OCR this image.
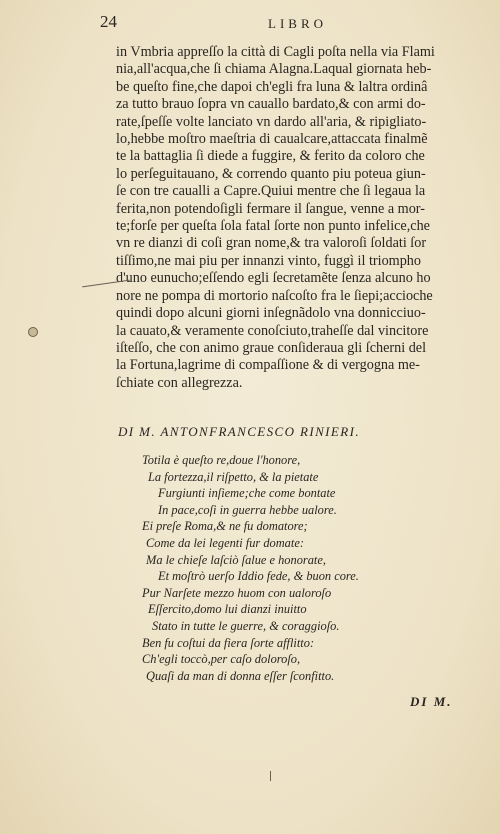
24	LIBRO
in Vmbria appreſſo la città di Cagli poſta nella via Flami
nia,all'acqua,che ſi chiama Alagna.Laqual giornata heb-
be queſto fine,che dapoi ch'egli fra luna & laltra ordinâ
za tutto brauo ſopra vn cauallo bardato,& con armi do-
rate,ſpeſſe volte lanciato vn dardo all'aria, & ripigliato-
lo,hebbe moſtro maeſtria di caualcare,attaccata finalmẽ
te la battaglia ſi diede a fuggire, & ferito da coloro che
lo perſeguitauano, & correndo quanto piu poteua giun-
ſe con tre caualli a Capre.Quiui mentre che ſi legaua la
ferita,non potendoſigli fermare il ſangue, venne a mor-
te;forſe per queſta ſola fatal ſorte non punto infelice,che
vn re dianzi di coſi gran nome,& tra valoroſi ſoldati ſor
tiſſimo,ne mai piu per innanzi vinto, fuggì il triompho
d'uno eunucho;eſſendo egli ſecretamẽte ſenza alcuno ho
nore ne pompa di mortorio naſcoſto fra le ſiepi;accioche
quindi dopo alcuni giorni inſegnãdolo vna donnicciuo-
la cauato,& veramente conoſciuto,traheſſe dal vincitore
iſteſſo, che con animo graue conſideraua gli ſcherni del
la Fortuna,lagrime di compaſſione & di vergogna me-
ſchiate con allegrezza.
DI M. ANTONFRANCESCO RINIERI.
Totila è queſto re,doue l'honore,
La fortezza,il riſpetto, & la pietate
Furgiunti inſieme;che come bontate
In pace,coſi in guerra hebbe ualore.
Ei preſe Roma,& ne fu domatore;
Come da lei legenti fur domate:
Ma le chieſe laſciò ſalue e honorate,
Et moſtrò uerſo Iddio fede, & buon core.
Pur Narſete mezzo huom con ualoroſo
Eſſercito,domo lui dianzi inuitto
Stato in tutte le guerre, & coraggioſo.
Ben fu coſtui da fiera ſorte afflitto:
Ch'egli toccò,per caſo doloroſo,
Quaſi da man di donna eſſer ſconfitto.
DI M.
